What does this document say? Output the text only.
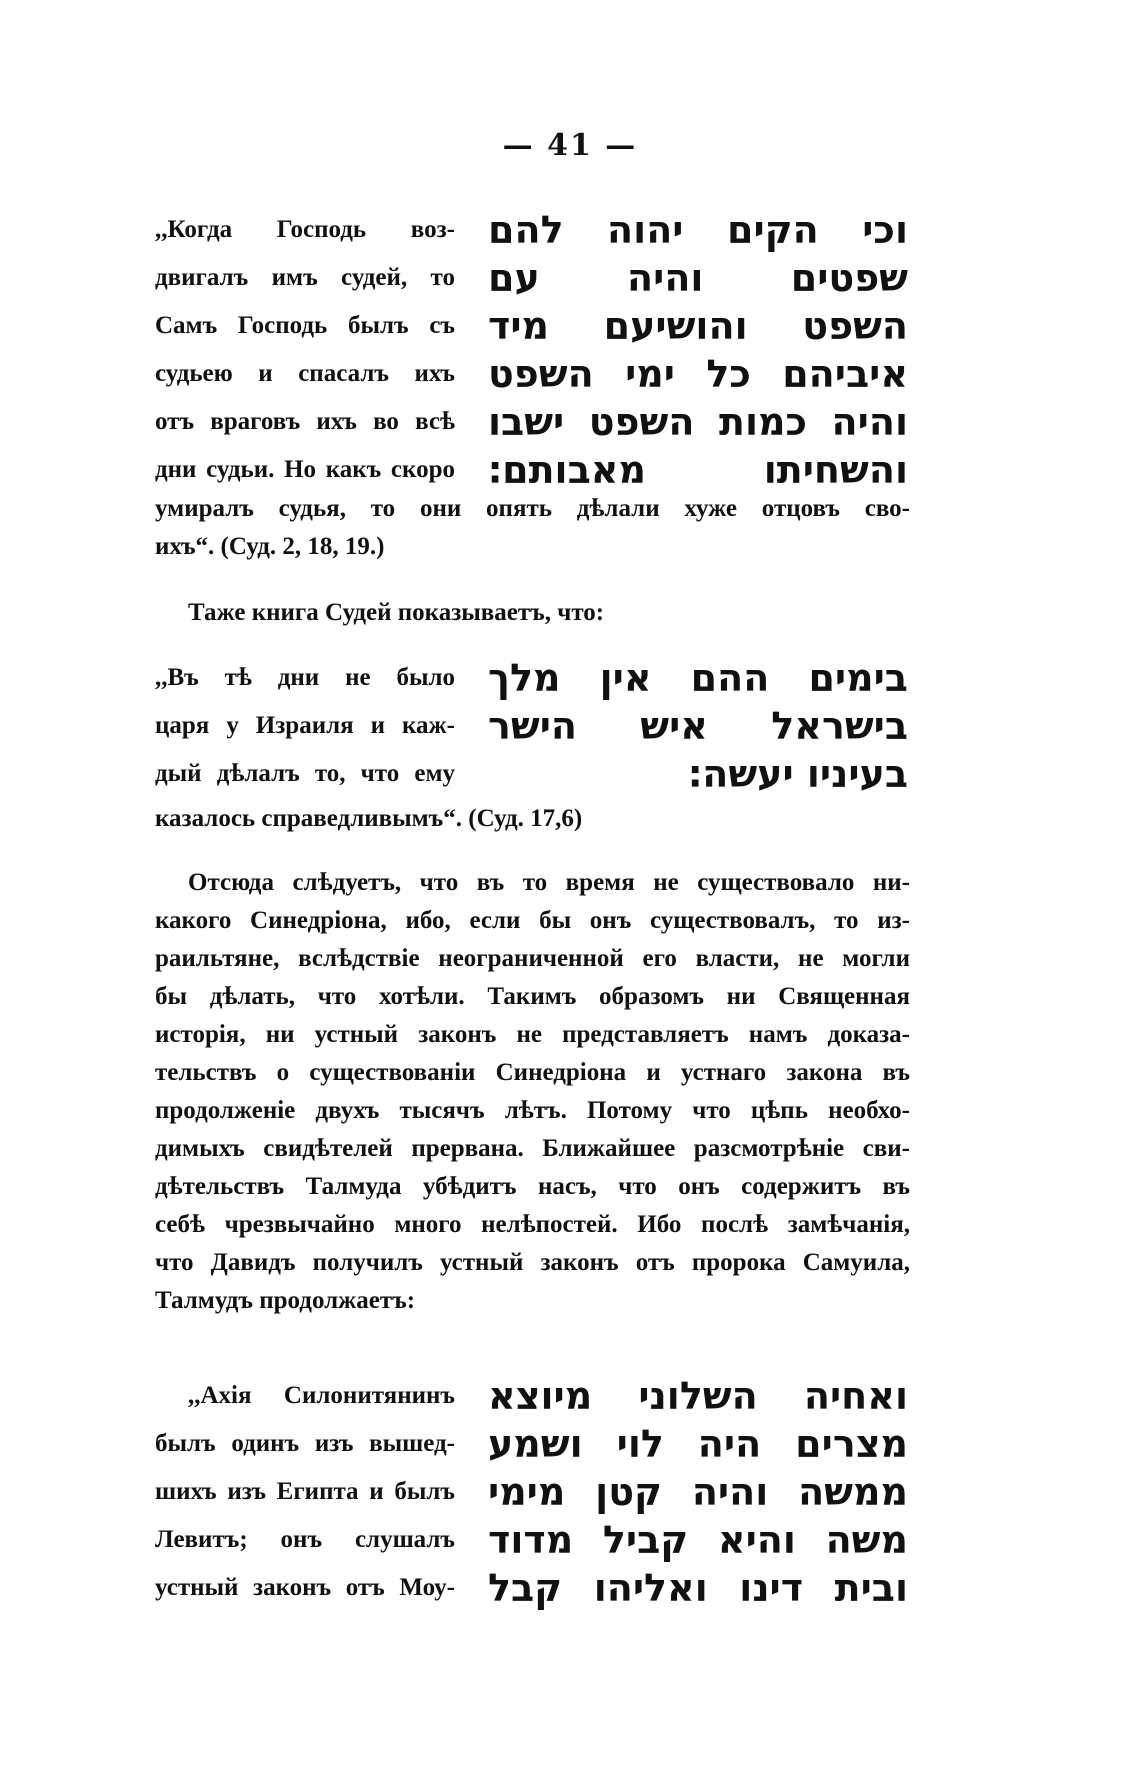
— 41 —
,,Когда Господь воз-
двигалъ имъ судей, то
Самъ Господь былъ съ
судьею и спасалъ ихъ
отъ враговъ ихъ во всѣ
дни судьи. Но какъ скоро
וכי הקים יהוה להם
שפטים והיה עם
השפט והושיעם מיד
איביהם כל ימי השפט
והיה כמות השפט ישבו
והשחיתו מאבותם׃
умиралъ судья, то они опять дѣлали хуже отцовъ сво-
ихъ“. (Суд. 2, 18, 19.)
Таже книга Судей показываетъ, что:
,,Въ тѣ дни не было
царя у Израиля и каж-
дый дѣлалъ то, что ему
казалось справедливымъ“. (Суд. 17,6)
בימים ההם אין מלך
בישראל איש הישר
בעיניו יעשה׃
Отсюда слѣдуетъ, что въ то время не существовало ни-
какого Синедріона, ибо, если бы онъ существовалъ, то из-
раильтяне, вслѣдствіе неограниченной его власти, не могли
бы дѣлать, что хотѣли. Такимъ образомъ ни Священная
исторія, ни устный законъ не представляетъ намъ доказа-
тельствъ о существованіи Синедріона и устнаго закона въ
продолженіе двухъ тысячъ лѣтъ. Потому что цѣпь необхо-
димыхъ свидѣтелей прервана. Ближайшее разсмотрѣніе сви-
дѣтельствъ Талмуда убѣдитъ насъ, что онъ содержитъ въ
себѣ чрезвычайно много нелѣпостей. Ибо послѣ замѣчанія,
что Давидъ получилъ устный законъ отъ пророка Самуила,
Талмудъ продолжаетъ:
,,Ахія Силонитянинъ
былъ одинъ изъ вышед-
шихъ изъ Египта и былъ
Левитъ; онъ слушалъ
устный законъ отъ Моу-
ואחיה השלוני מיוצא
מצרים היה לוי ושמע
ממשה והיה קטן מימי
משה והיא קביל מדוד
ובית דינו ואליהו קבל
